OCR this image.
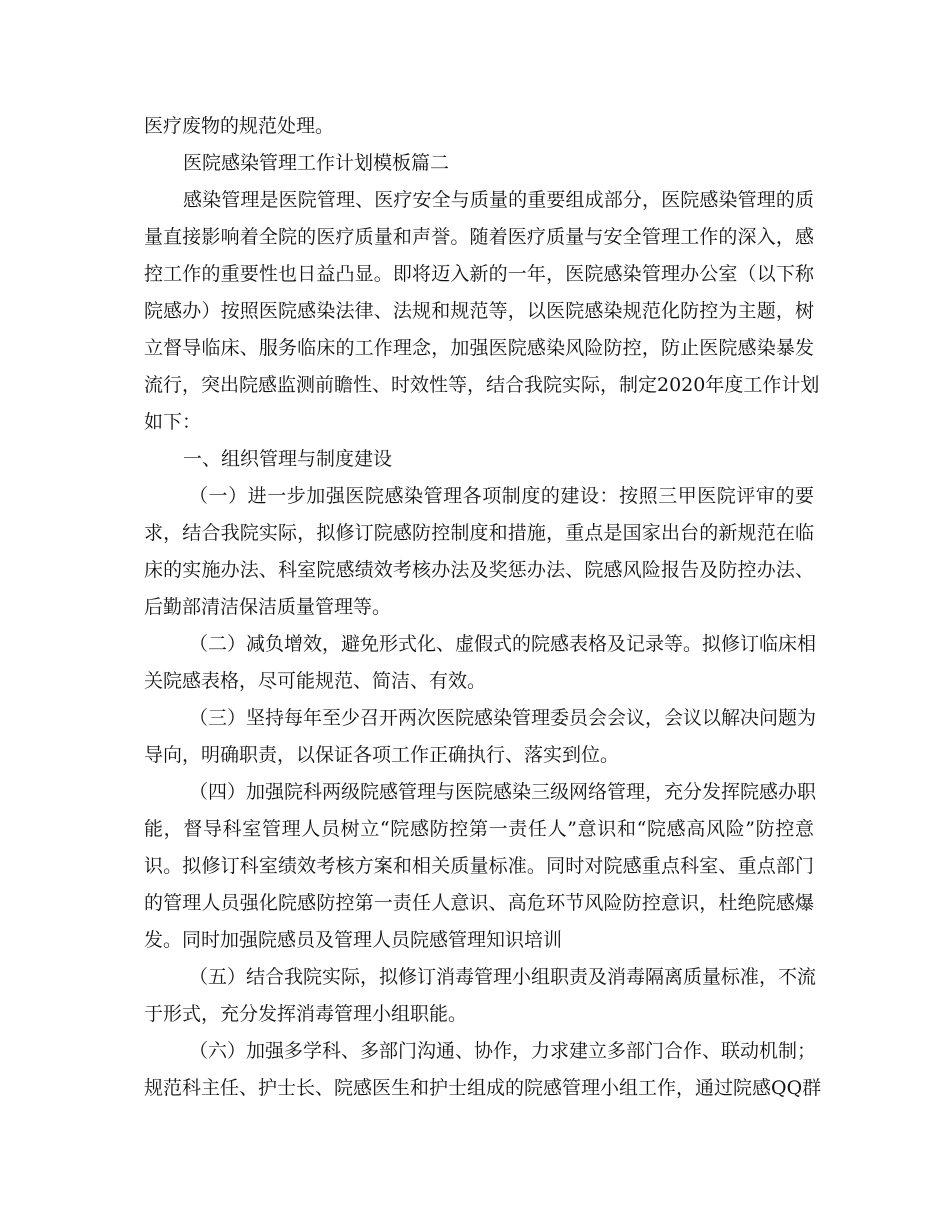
医疗废物的规范处理。
医院感染管理工作计划模板篇二
感染管理是医院管理、医疗安全与质量的重要组成部分，医院感染管理的质
量直接影响着全院的医疗质量和声誉。随着医疗质量与安全管理工作的深入，感
控工作的重要性也日益凸显。即将迈入新的一年，医院感染管理办公室（以下称
院感办）按照医院感染法律、法规和规范等，以医院感染规范化防控为主题，树
立督导临床、服务临床的工作理念，加强医院感染风险防控，防止医院感染暴发
流行，突出院感监测前瞻性、时效性等，结合我院实际，制定2020年度工作计划
如下：
一、组织管理与制度建设
（一）进一步加强医院感染管理各项制度的建设：按照三甲医院评审的要
求，结合我院实际，拟修订院感防控制度和措施，重点是国家出台的新规范在临
床的实施办法、科室院感绩效考核办法及奖惩办法、院感风险报告及防控办法、
后勤部清洁保洁质量管理等。
（二）减负增效，避免形式化、虚假式的院感表格及记录等。拟修订临床相
关院感表格，尽可能规范、简洁、有效。
（三）坚持每年至少召开两次医院感染管理委员会会议，会议以解决问题为
导向，明确职责，以保证各项工作正确执行、落实到位。
（四）加强院科两级院感管理与医院感染三级网络管理，充分发挥院感办职
能，督导科室管理人员树立“院感防控第一责任人”意识和“院感高风险”防控意
识。拟修订科室绩效考核方案和相关质量标准。同时对院感重点科室、重点部门
的管理人员强化院感防控第一责任人意识、高危环节风险防控意识，杜绝院感爆
发。同时加强院感员及管理人员院感管理知识培训
（五）结合我院实际，拟修订消毒管理小组职责及消毒隔离质量标准，不流
于形式，充分发挥消毒管理小组职能。
（六）加强多学科、多部门沟通、协作，力求建立多部门合作、联动机制；
规范科主任、护士长、院感医生和护士组成的院感管理小组工作，通过院感QQ群
